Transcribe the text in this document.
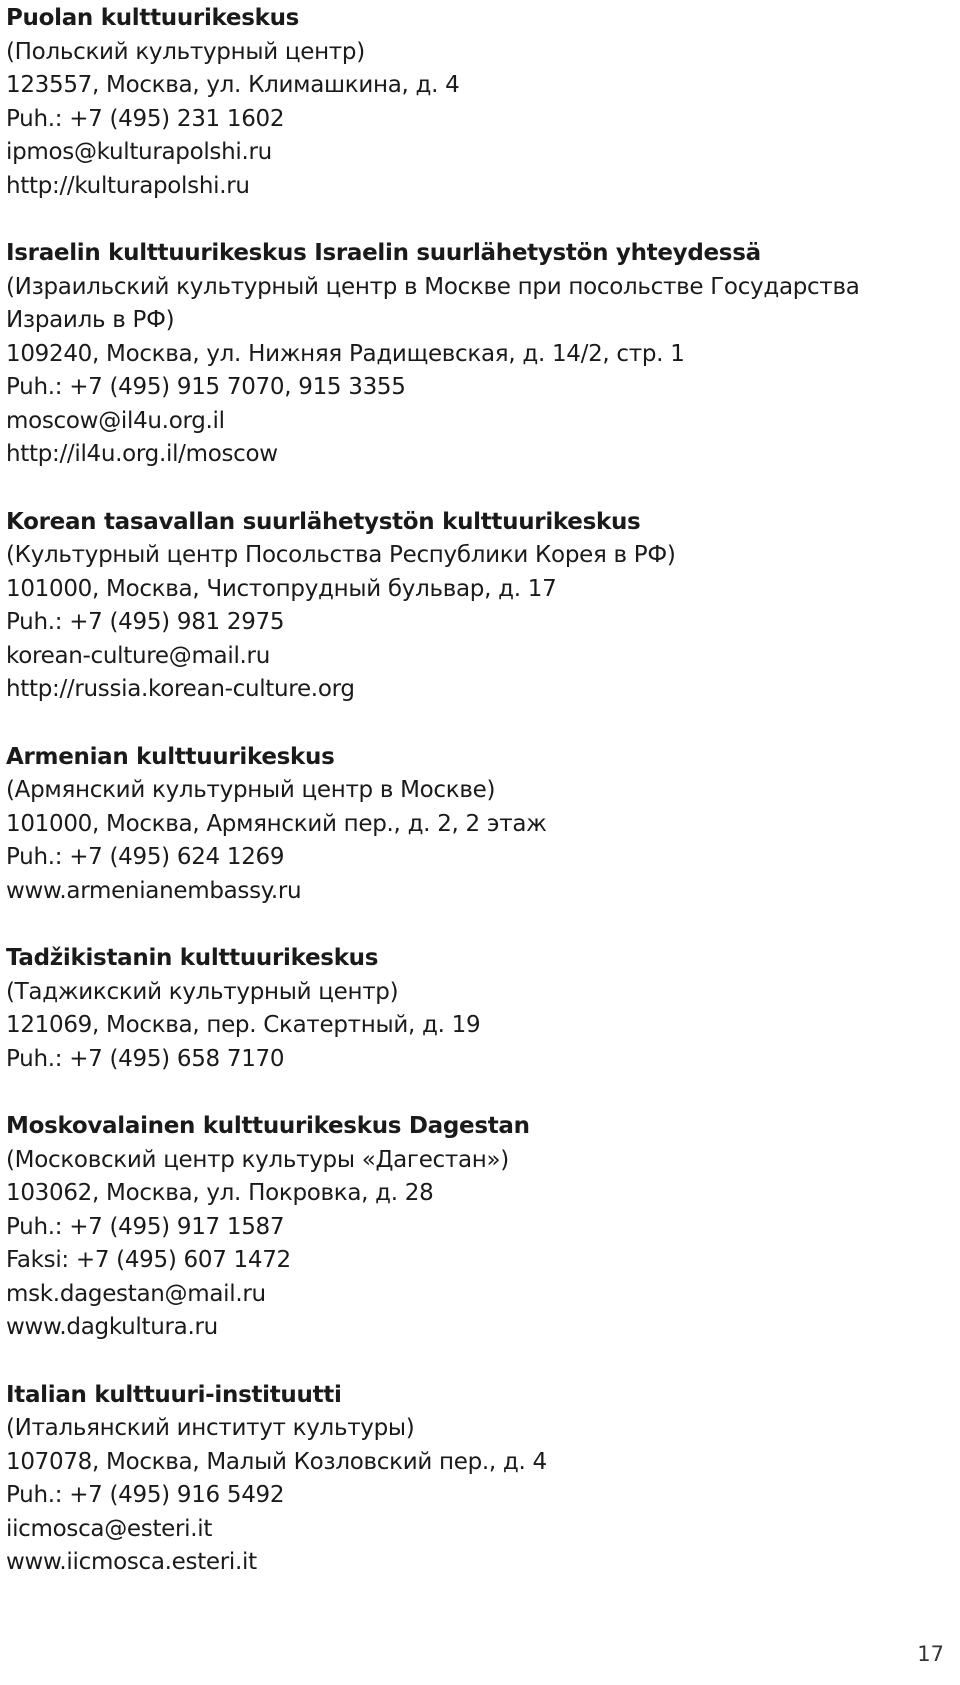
Puolan kulttuurikeskus
(Польский культурный центр)
123557, Москва, ул. Климашкина, д. 4
Puh.: +7 (495) 231 1602
ipmos@kulturapolshi.ru
http://kulturapolshi.ru
Israelin kulttuurikeskus Israelin suurlähetystön yhteydessä
(Израильский культурный центр в Москве при посольстве Государства
Израиль в РФ)
109240, Москва, ул. Нижняя Радищевская, д. 14/2, стр. 1
Puh.: +7 (495) 915 7070, 915 3355
moscow@il4u.org.il
http://il4u.org.il/moscow
Korean tasavallan suurlähetystön kulttuurikeskus
(Культурный центр Посольства Республики Корея в РФ)
101000, Москва, Чистопрудный бульвар, д. 17
Puh.: +7 (495) 981 2975
korean-culture@mail.ru
http://russia.korean-culture.org
Armenian kulttuurikeskus
(Армянский культурный центр в Москве)
101000, Москва, Армянский пер., д. 2, 2 этаж
Puh.: +7 (495) 624 1269
www.armenianembassy.ru
Tadžikistanin kulttuurikeskus
(Таджикский культурный центр)
121069, Москва, пер. Скатертный, д. 19
Puh.: +7 (495) 658 7170
Moskovalainen kulttuurikeskus Dagestan
(Московский центр культуры «Дагестан»)
103062, Москва, ул. Покровка, д. 28
Puh.: +7 (495) 917 1587
Faksi: +7 (495) 607 1472
msk.dagestan@mail.ru
www.dagkultura.ru
Italian kulttuuri-instituutti
(Итальянский институт культуры)
107078, Москва, Малый Козловский пер., д. 4
Puh.: +7 (495) 916 5492
iicmosca@esteri.it
www.iicmosca.esteri.it
17
